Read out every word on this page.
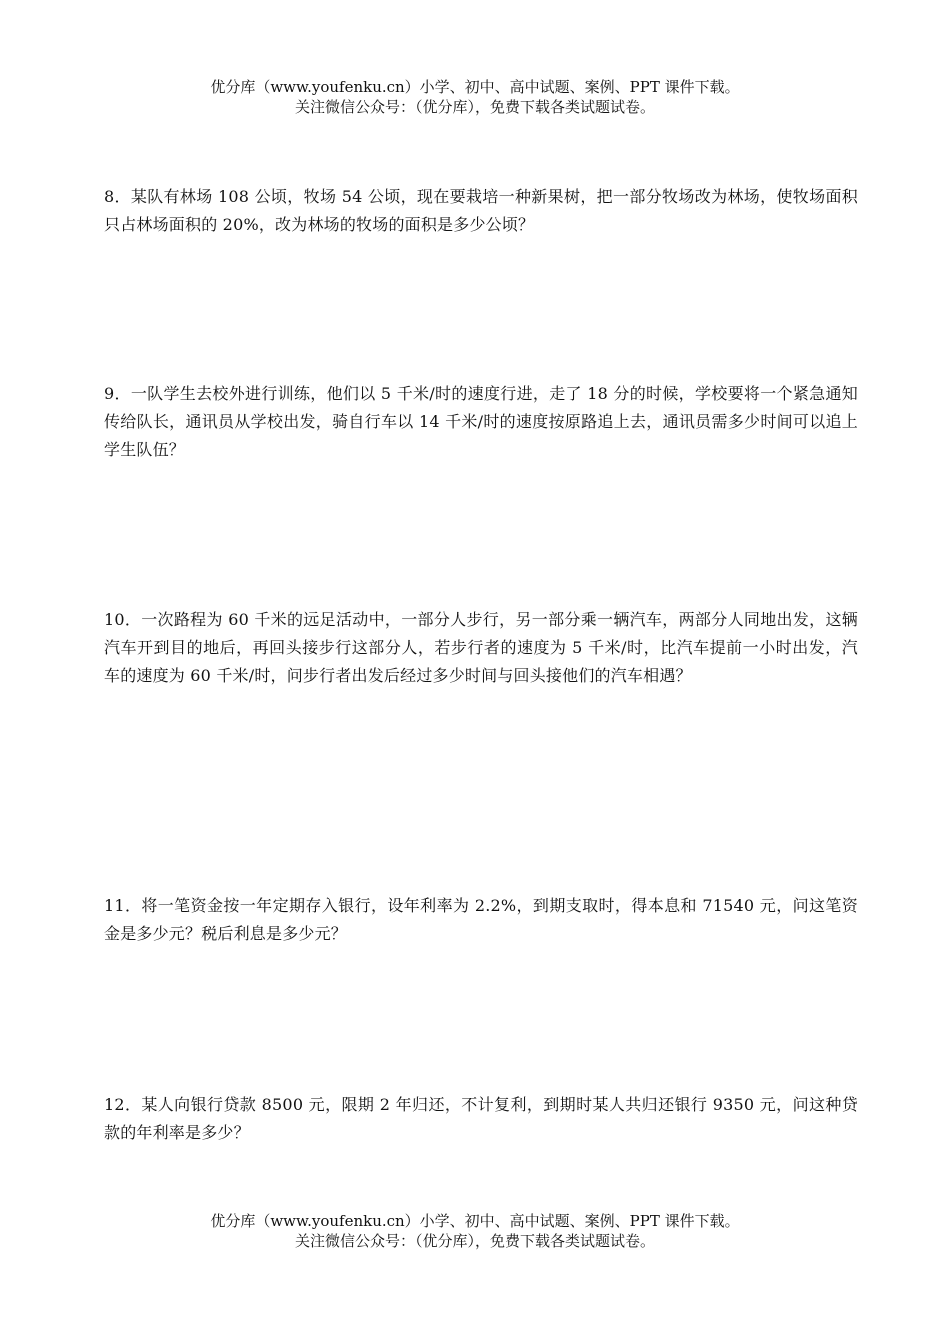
优分库（www.youfenku.cn）小学、初中、高中试题、案例、PPT 课件下载。
关注微信公众号：（优分库），免费下载各类试题试卷。
8．某队有林场 108 公顷，牧场 54 公顷，现在要栽培一种新果树，把一部分牧场改为林场，使牧场面积只占林场面积的 20%，改为林场的牧场的面积是多少公顷？
9．一队学生去校外进行训练，他们以 5 千米/时的速度行进，走了 18 分的时候，学校要将一个紧急通知传给队长，通讯员从学校出发，骑自行车以 14 千米/时的速度按原路追上去，通讯员需多少时间可以追上学生队伍？
10．一次路程为 60 千米的远足活动中，一部分人步行，另一部分乘一辆汽车，两部分人同地出发，这辆汽车开到目的地后，再回头接步行这部分人，若步行者的速度为 5 千米/时，比汽车提前一小时出发，汽车的速度为 60 千米/时，问步行者出发后经过多少时间与回头接他们的汽车相遇？
11．将一笔资金按一年定期存入银行，设年利率为 2.2%，到期支取时，得本息和 71540 元，问这笔资金是多少元？税后利息是多少元？
12．某人向银行贷款 8500 元，限期 2 年归还，不计复利，到期时某人共归还银行 9350 元，问这种贷款的年利率是多少？
优分库（www.youfenku.cn）小学、初中、高中试题、案例、PPT 课件下载。
关注微信公众号：（优分库），免费下载各类试题试卷。
